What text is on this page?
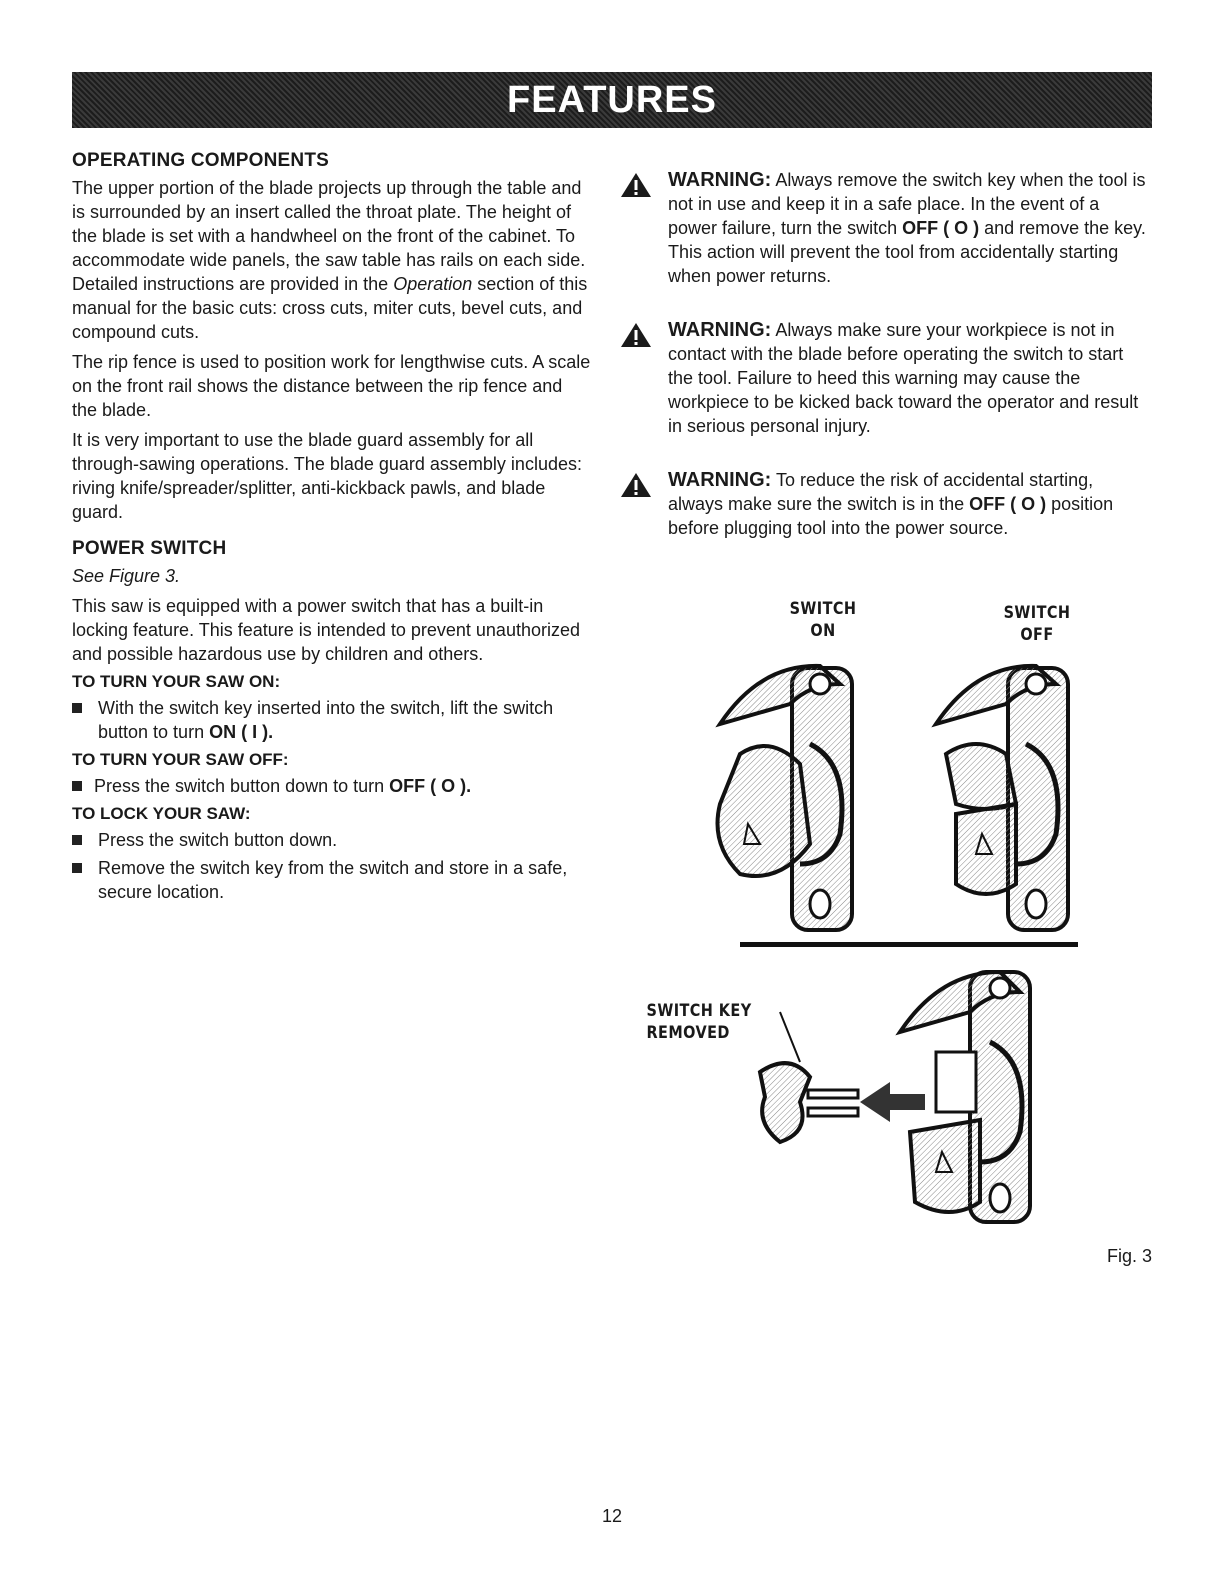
FEATURES
OPERATING COMPONENTS

The upper portion of the blade projects up through the table and is surrounded by an insert called the throat plate. The height of the blade is set with a handwheel on the front of the cabinet. To accommodate wide panels, the saw table has rails on each side. Detailed instructions are provided in the Operation section of this manual for the basic cuts: cross cuts, miter cuts, bevel cuts, and compound cuts.

The rip fence is used to position work for lengthwise cuts. A scale on the front rail shows the distance between the rip fence and the blade.

It is very important to use the blade guard assembly for all through-sawing operations. The blade guard assembly includes: riving knife/spreader/splitter, anti-kickback pawls, and blade guard.

POWER SWITCH

See Figure 3.

This saw is equipped with a power switch that has a built-in locking feature. This feature is intended to prevent unauthorized and possible hazardous use by children and others.

TO TURN YOUR SAW ON:
With the switch key inserted into the switch, lift the switch button to turn ON ( I ).
TO TURN YOUR SAW OFF:
Press the switch button down to turn OFF ( O ).
TO LOCK YOUR SAW:
Press the switch button down.
Remove the switch key from the switch and store in a safe, secure location.

WARNING: Always remove the switch key when the tool is not in use and keep it in a safe place. In the event of a power failure, turn the switch OFF ( O ) and remove the key. This action will prevent the tool from accidentally starting when power returns.

WARNING: Always make sure your workpiece is not in contact with the blade before operating the switch to start the tool. Failure to heed this warning may cause the workpiece to be kicked back toward the operator and result in serious personal injury.

WARNING: To reduce the risk of accidental starting, always make sure the switch is in the OFF ( O ) position before plugging tool into the power source.

SWITCH
ON
SWITCH
OFF
SWITCH KEY REMOVED
Fig. 3
12
